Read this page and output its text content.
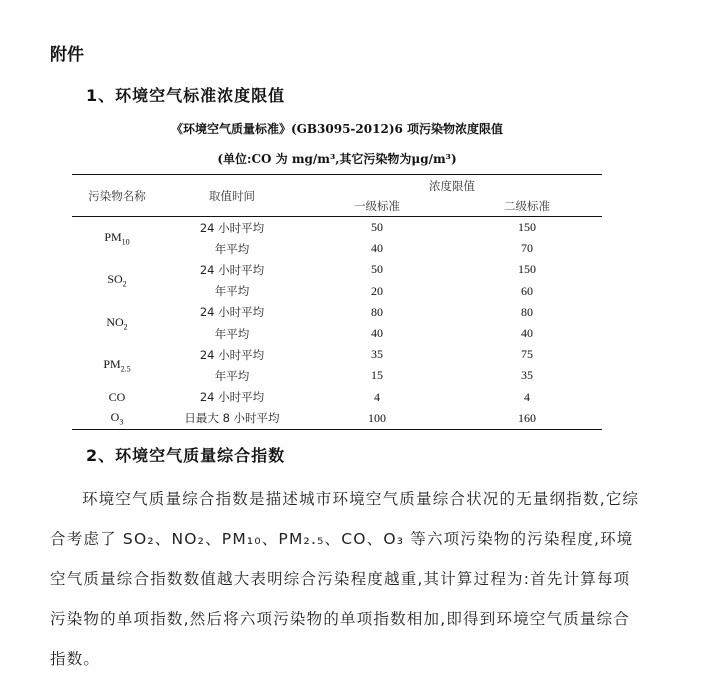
附件
1、环境空气标准浓度限值
《环境空气质量标准》(GB3095-2012)6 项污染物浓度限值
(单位:CO 为 mg/m³,其它污染物为μg/m³)
污染物名称	取值时间	浓度限值	
		一级标准	二级标准
$PM_{10}$	24 小时平均	50	150
	年平均	40	70
$SO_2$	24 小时平均	50	150
	年平均	20	60
$NO_2$	24 小时平均	80	80
	年平均	40	40
$PM_{2.5}$	24 小时平均	35	75
	年平均	15	35
CO	24 小时平均	4	4
$O_3$	日最大 8 小时平均	100	160
2、环境空气质量综合指数
环境空气质量综合指数是描述城市环境空气质量综合状况的无量纲指数,它综合考虑了 SO₂、NO₂、PM₁₀、PM₂.₅、CO、O₃ 等六项污染物的污染程度,环境空气质量综合指数数值越大表明综合污染程度越重,其计算过程为:首先计算每项污染物的单项指数,然后将六项污染物的单项指数相加,即得到环境空气质量综合指数。
